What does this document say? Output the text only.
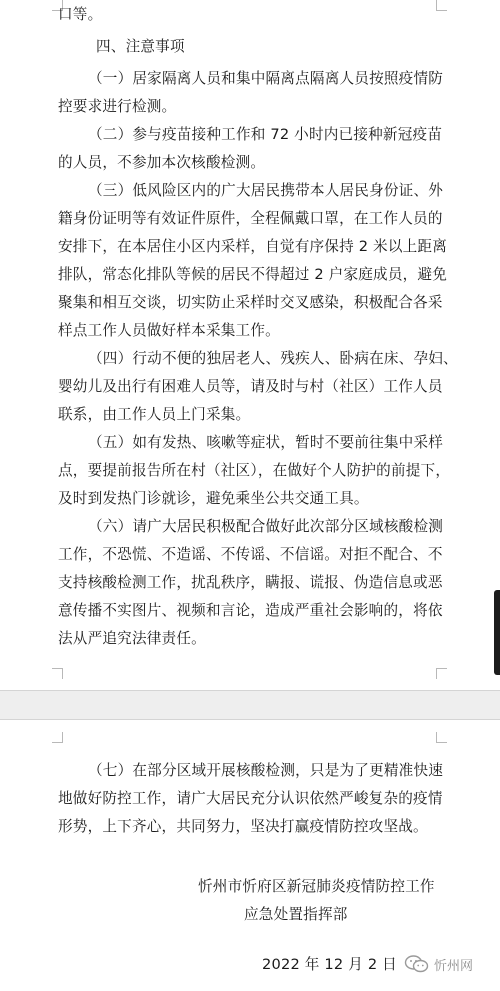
口等。
四、注意事项
（一）居家隔离人员和集中隔离点隔离人员按照疫情防
控要求进行检测。
（二）参与疫苗接种工作和 72 小时内已接种新冠疫苗
的人员，不参加本次核酸检测。
（三）低风险区内的广大居民携带本人居民身份证、外
籍身份证明等有效证件原件，全程佩戴口罩，在工作人员的
安排下，在本居住小区内采样，自觉有序保持 2 米以上距离
排队，常态化排队等候的居民不得超过 2 户家庭成员，避免
聚集和相互交谈，切实防止采样时交叉感染，积极配合各采
样点工作人员做好样本采集工作。
（四）行动不便的独居老人、残疾人、卧病在床、孕妇、
婴幼儿及出行有困难人员等，请及时与村（社区）工作人员
联系，由工作人员上门采集。
（五）如有发热、咳嗽等症状，暂时不要前往集中采样
点，要提前报告所在村（社区），在做好个人防护的前提下，
及时到发热门诊就诊，避免乘坐公共交通工具。
（六）请广大居民积极配合做好此次部分区域核酸检测
工作，不恐慌、不造谣、不传谣、不信谣。对拒不配合、不
支持核酸检测工作，扰乱秩序，瞒报、谎报、伪造信息或恶
意传播不实图片、视频和言论，造成严重社会影响的，将依
法从严追究法律责任。
（七）在部分区域开展核酸检测，只是为了更精准快速
地做好防控工作，请广大居民充分认识依然严峻复杂的疫情
形势，上下齐心，共同努力，坚决打赢疫情防控攻坚战。
忻州市忻府区新冠肺炎疫情防控工作
应急处置指挥部
2022 年 12 月 2 日	忻州网
